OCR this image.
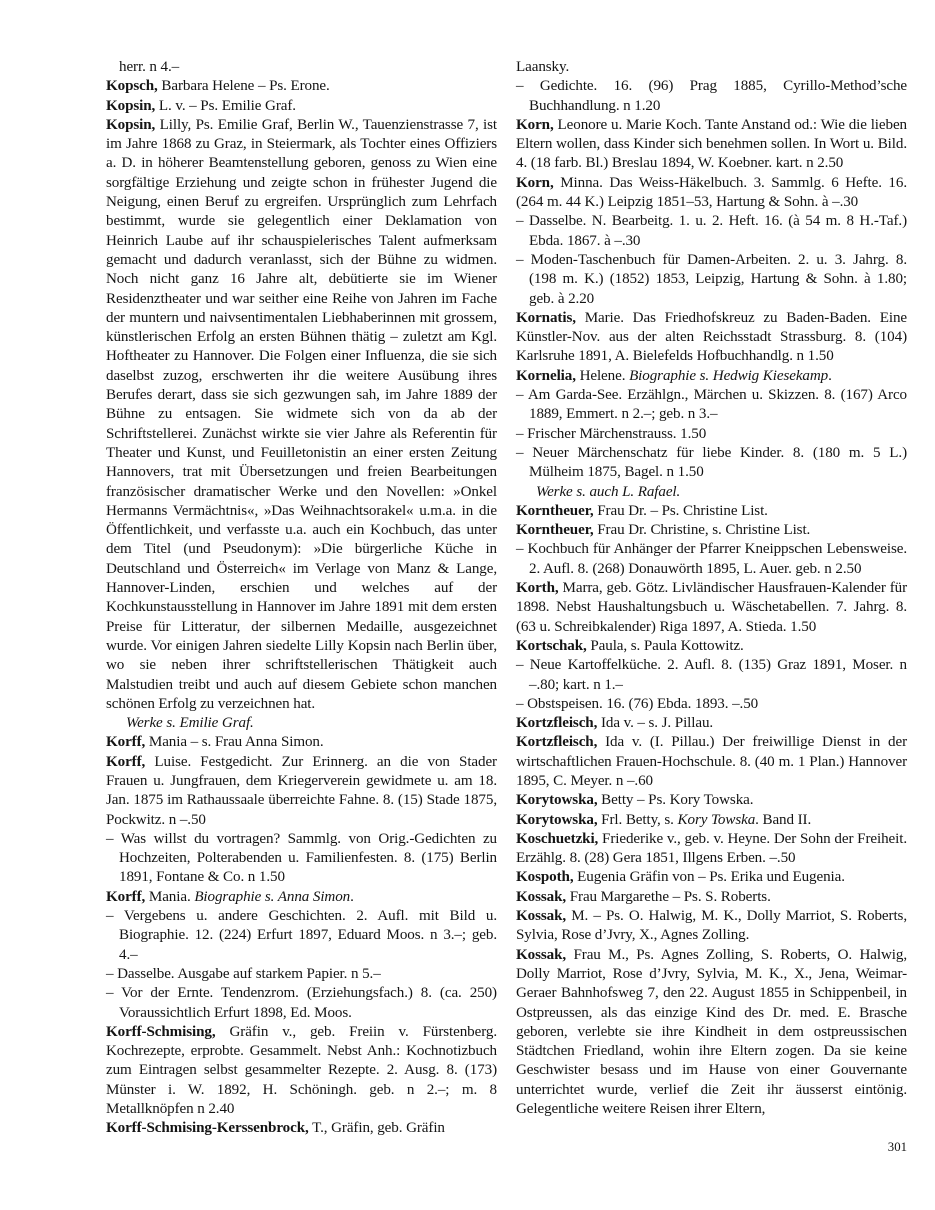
herr. n 4.–

Kopsch, Barbara Helene – Ps. Erone.

Kopsin, L. v. – Ps. Emilie Graf.

Kopsin, Lilly, Ps. Emilie Graf, Berlin W., Tauenzienstrasse 7, ist im Jahre 1868 zu Graz, in Steiermark, als Tochter eines Offiziers a. D. in höherer Beamtenstellung geboren, genoss zu Wien eine sorgfältige Erziehung und zeigte schon in frühester Jugend die Neigung, einen Beruf zu ergreifen. Ursprünglich zum Lehrfach bestimmt, wurde sie gelegentlich einer Deklamation von Heinrich Laube auf ihr schauspielerisches Talent aufmerksam gemacht und dadurch veranlasst, sich der Bühne zu widmen. Noch nicht ganz 16 Jahre alt, debütierte sie im Wiener Residenztheater und war seither eine Reihe von Jahren im Fache der muntern und naivsentimentalen Liebhaberinnen mit grossem, künstlerischen Erfolg an ersten Bühnen thätig – zuletzt am Kgl. Hoftheater zu Hannover. Die Folgen einer Influenza, die sie sich daselbst zuzog, erschwerten ihr die weitere Ausübung ihres Berufes derart, dass sie sich gezwungen sah, im Jahre 1889 der Bühne zu entsagen. Sie widmete sich von da ab der Schriftstellerei. Zunächst wirkte sie vier Jahre als Referentin für Theater und Kunst, und Feuilletonistin an einer ersten Zeitung Hannovers, trat mit Übersetzungen und freien Bearbeitungen französischer dramatischer Werke und den Novellen: »Onkel Hermanns Vermächtnis«, »Das Weihnachtsorakel« u.m.a. in die Öffentlichkeit, und verfasste u.a. auch ein Kochbuch, das unter dem Titel (und Pseudonym): »Die bürgerliche Küche in Deutschland und Österreich« im Verlage von Manz & Lange, Hannover-Linden, erschien und welches auf der Kochkunstausstellung in Hannover im Jahre 1891 mit dem ersten Preise für Litteratur, der silbernen Medaille, ausgezeichnet wurde. Vor einigen Jahren siedelte Lilly Kopsin nach Berlin über, wo sie neben ihrer schriftstellerischen Thätigkeit auch Malstudien treibt und auch auf diesem Gebiete schon manchen schönen Erfolg zu verzeichnen hat.

Werke s. Emilie Graf.

Korff, Mania – s. Frau Anna Simon.

Korff, Luise. Festgedicht. Zur Erinnerg. an die von Stader Frauen u. Jungfrauen, dem Kriegerverein gewidmete u. am 18. Jan. 1875 im Rathaussaale überreichte Fahne. 8. (15) Stade 1875, Pockwitz. n –.50

– Was willst du vortragen? Sammlg. von Orig.-Gedichten zu Hochzeiten, Polterabenden u. Familienfesten. 8. (175) Berlin 1891, Fontane & Co. n 1.50

Korff, Mania. Biographie s. Anna Simon.

– Vergebens u. andere Geschichten. 2. Aufl. mit Bild u. Biographie. 12. (224) Erfurt 1897, Eduard Moos. n 3.–; geb. 4.–

– Dasselbe. Ausgabe auf starkem Papier. n 5.–

– Vor der Ernte. Tendenzrom. (Erziehungsfach.) 8. (ca. 250) Voraussichtlich Erfurt 1898, Ed. Moos.

Korff-Schmising, Gräfin v., geb. Freiin v. Fürstenberg. Kochrezepte, erprobte. Gesammelt. Nebst Anh.: Kochnotizbuch zum Eintragen selbst gesammelter Rezepte. 2. Ausg. 8. (173) Münster i. W. 1892, H. Schöningh. geb. n 2.–; m. 8 Metallknöpfen n 2.40

Korff-Schmising-Kerssenbrock, T., Gräfin, geb. Gräfin

Laansky.

– Gedichte. 16. (96) Prag 1885, Cyrillo-Method’sche Buchhandlung. n 1.20

Korn, Leonore u. Marie Koch. Tante Anstand od.: Wie die lieben Eltern wollen, dass Kinder sich benehmen sollen. In Wort u. Bild. 4. (18 farb. Bl.) Breslau 1894, W. Koebner. kart. n 2.50

Korn, Minna. Das Weiss-Häkelbuch. 3. Sammlg. 6 Hefte. 16. (264 m. 44 K.) Leipzig 1851–53, Hartung & Sohn. à –.30

– Dasselbe. N. Bearbeitg. 1. u. 2. Heft. 16. (à 54 m. 8 H.-Taf.) Ebda. 1867. à –.30

– Moden-Taschenbuch für Damen-Arbeiten. 2. u. 3. Jahrg. 8. (198 m. K.) (1852) 1853, Leipzig, Hartung & Sohn. à 1.80; geb. à 2.20

Kornatis, Marie. Das Friedhofskreuz zu Baden-Baden. Eine Künstler-Nov. aus der alten Reichsstadt Strassburg. 8. (104) Karlsruhe 1891, A. Bielefelds Hofbuchhandlg. n 1.50

Kornelia, Helene. Biographie s. Hedwig Kiesekamp.

– Am Garda-See. Erzählgn., Märchen u. Skizzen. 8. (167) Arco 1889, Emmert. n 2.–; geb. n 3.–

– Frischer Märchenstrauss. 1.50

– Neuer Märchenschatz für liebe Kinder. 8. (180 m. 5 L.) Mülheim 1875, Bagel. n 1.50

Werke s. auch L. Rafael.

Korntheuer, Frau Dr. – Ps. Christine List.

Korntheuer, Frau Dr. Christine, s. Christine List.

– Kochbuch für Anhänger der Pfarrer Kneippschen Lebensweise. 2. Aufl. 8. (268) Donauwörth 1895, L. Auer. geb. n 2.50

Korth, Marra, geb. Götz. Livländischer Hausfrauen-Kalender für 1898. Nebst Haushaltungsbuch u. Wäschetabellen. 7. Jahrg. 8. (63 u. Schreibkalender) Riga 1897, A. Stieda. 1.50

Kortschak, Paula, s. Paula Kottowitz.

– Neue Kartoffelküche. 2. Aufl. 8. (135) Graz 1891, Moser. n –.80; kart. n 1.–

– Obstspeisen. 16. (76) Ebda. 1893. –.50

Kortzfleisch, Ida v. – s. J. Pillau.

Kortzfleisch, Ida v. (I. Pillau.) Der freiwillige Dienst in der wirtschaftlichen Frauen-Hochschule. 8. (40 m. 1 Plan.) Hannover 1895, C. Meyer. n –.60

Korytowska, Betty – Ps. Kory Towska.

Korytowska, Frl. Betty, s. Kory Towska. Band II.

Koschuetzki, Friederike v., geb. v. Heyne. Der Sohn der Freiheit. Erzählg. 8. (28) Gera 1851, Illgens Erben. –.50

Kospoth, Eugenia Gräfin von – Ps. Erika und Eugenia.

Kossak, Frau Margarethe – Ps. S. Roberts.

Kossak, M. – Ps. O. Halwig, M. K., Dolly Marriot, S. Roberts, Sylvia, Rose d’Jvry, X., Agnes Zolling.

Kossak, Frau M., Ps. Agnes Zolling, S. Roberts, O. Halwig, Dolly Marriot, Rose d’Jvry, Sylvia, M. K., X., Jena, Weimar-Geraer Bahnhofsweg 7, den 22. August 1855 in Schippenbeil, in Ostpreussen, als das einzige Kind des Dr. med. E. Brasche geboren, verlebte sie ihre Kindheit in dem ostpreussischen Städtchen Friedland, wohin ihre Eltern zogen. Da sie keine Geschwister besass und im Hause von einer Gouvernante unterrichtet wurde, verlief die Zeit ihr äusserst eintönig. Gelegentliche weitere Reisen ihrer Eltern,

301
